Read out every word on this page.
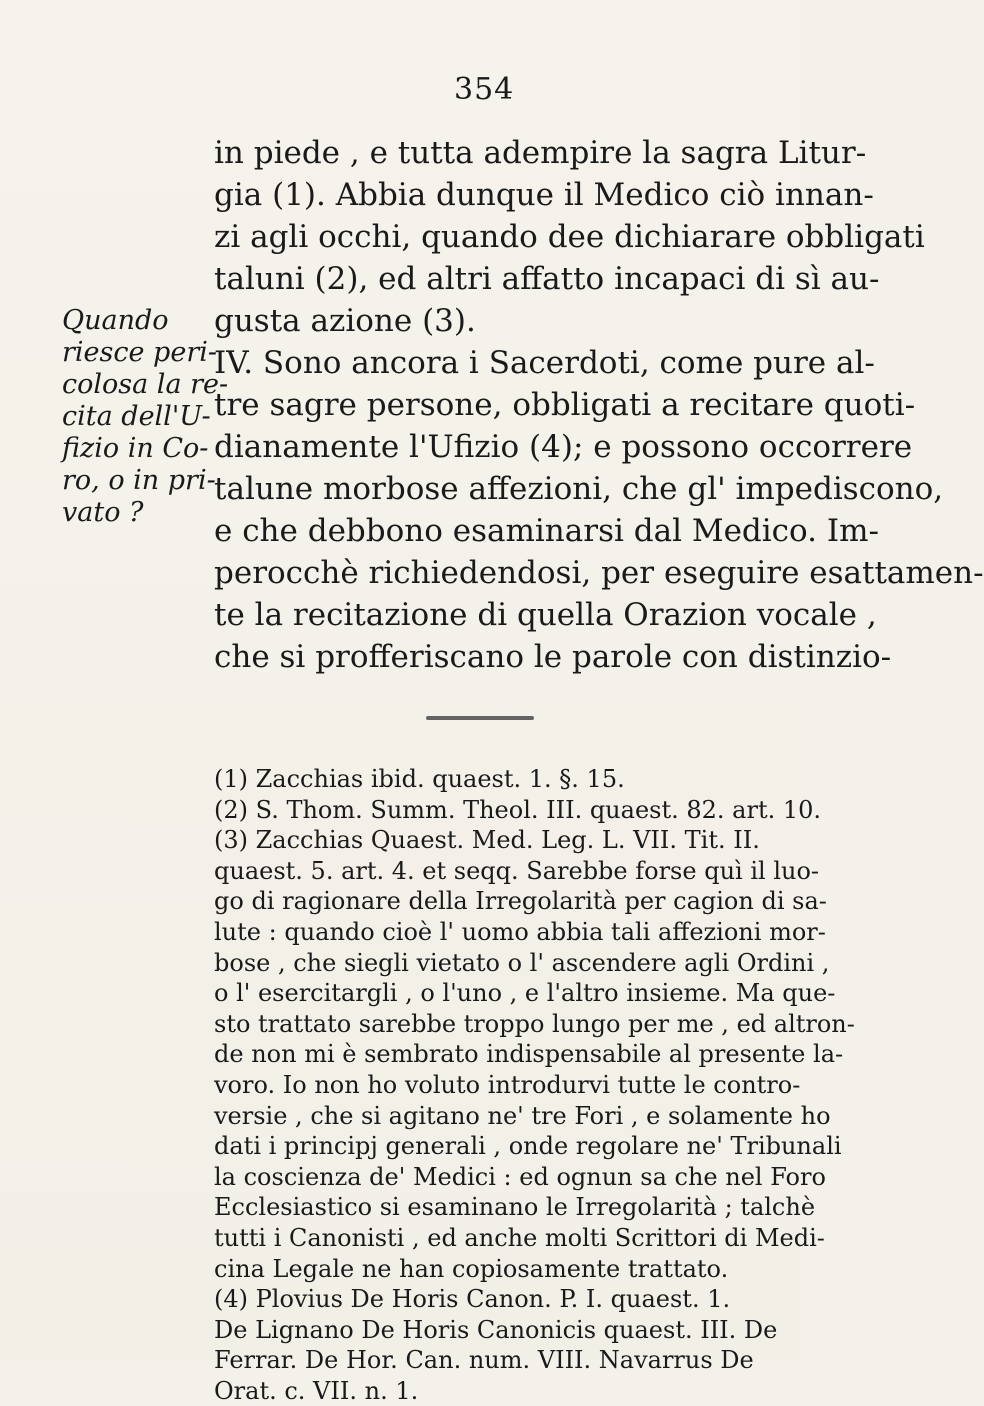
354
Quando
riesce peri-
colosa la re-
cita dell'U-
fizio in Co-
ro, o in pri-
vato ?
in piede , e tutta adempire la sagra Litur-
gia (1). Abbia dunque il Medico ciò innan-
zi agli occhi, quando dee dichiarare obbligati
taluni (2), ed altri affatto incapaci di sì au-
gusta azione (3).
IV. Sono ancora i Sacerdoti, come pure al-
tre sagre persone, obbligati a recitare quoti-
dianamente l'Ufizio (4); e possono occorrere
talune morbose affezioni, che gl' impediscono,
e che debbono esaminarsi dal Medico. Im-
perocchè richiedendosi, per eseguire esattamen-
te la recitazione di quella Orazion vocale ,
che si profferiscano le parole con distinzio-
(1) Zacchias ibid. quaest. 1. §. 15.
(2) S. Thom. Summ. Theol. III. quaest. 82. art. 10.
(3) Zacchias Quaest. Med. Leg. L. VII. Tit. II.
quaest. 5. art. 4. et seqq. Sarebbe forse quì il luo-
go di ragionare della Irregolarità per cagion di sa-
lute : quando cioè l' uomo abbia tali affezioni mor-
bose , che siegli vietato o l' ascendere agli Ordini ,
o l' esercitargli , o l'uno , e l'altro insieme. Ma que-
sto trattato sarebbe troppo lungo per me , ed altron-
de non mi è sembrato indispensabile al presente la-
voro. Io non ho voluto introdurvi tutte le contro-
versie , che si agitano ne' tre Fori , e solamente ho
dati i principj generali , onde regolare ne' Tribunali
la coscienza de' Medici : ed ognun sa che nel Foro
Ecclesiastico si esaminano le Irregolarità ; talchè
tutti i Canonisti , ed anche molti Scrittori di Medi-
cina Legale ne han copiosamente trattato.
(4) Plovius De Horis Canon. P. I. quaest. 1.
De Lignano De Horis Canonicis quaest. III. De
Ferrar. De Hor. Can. num. VIII. Navarrus De
Orat. c. VII. n. 1.
